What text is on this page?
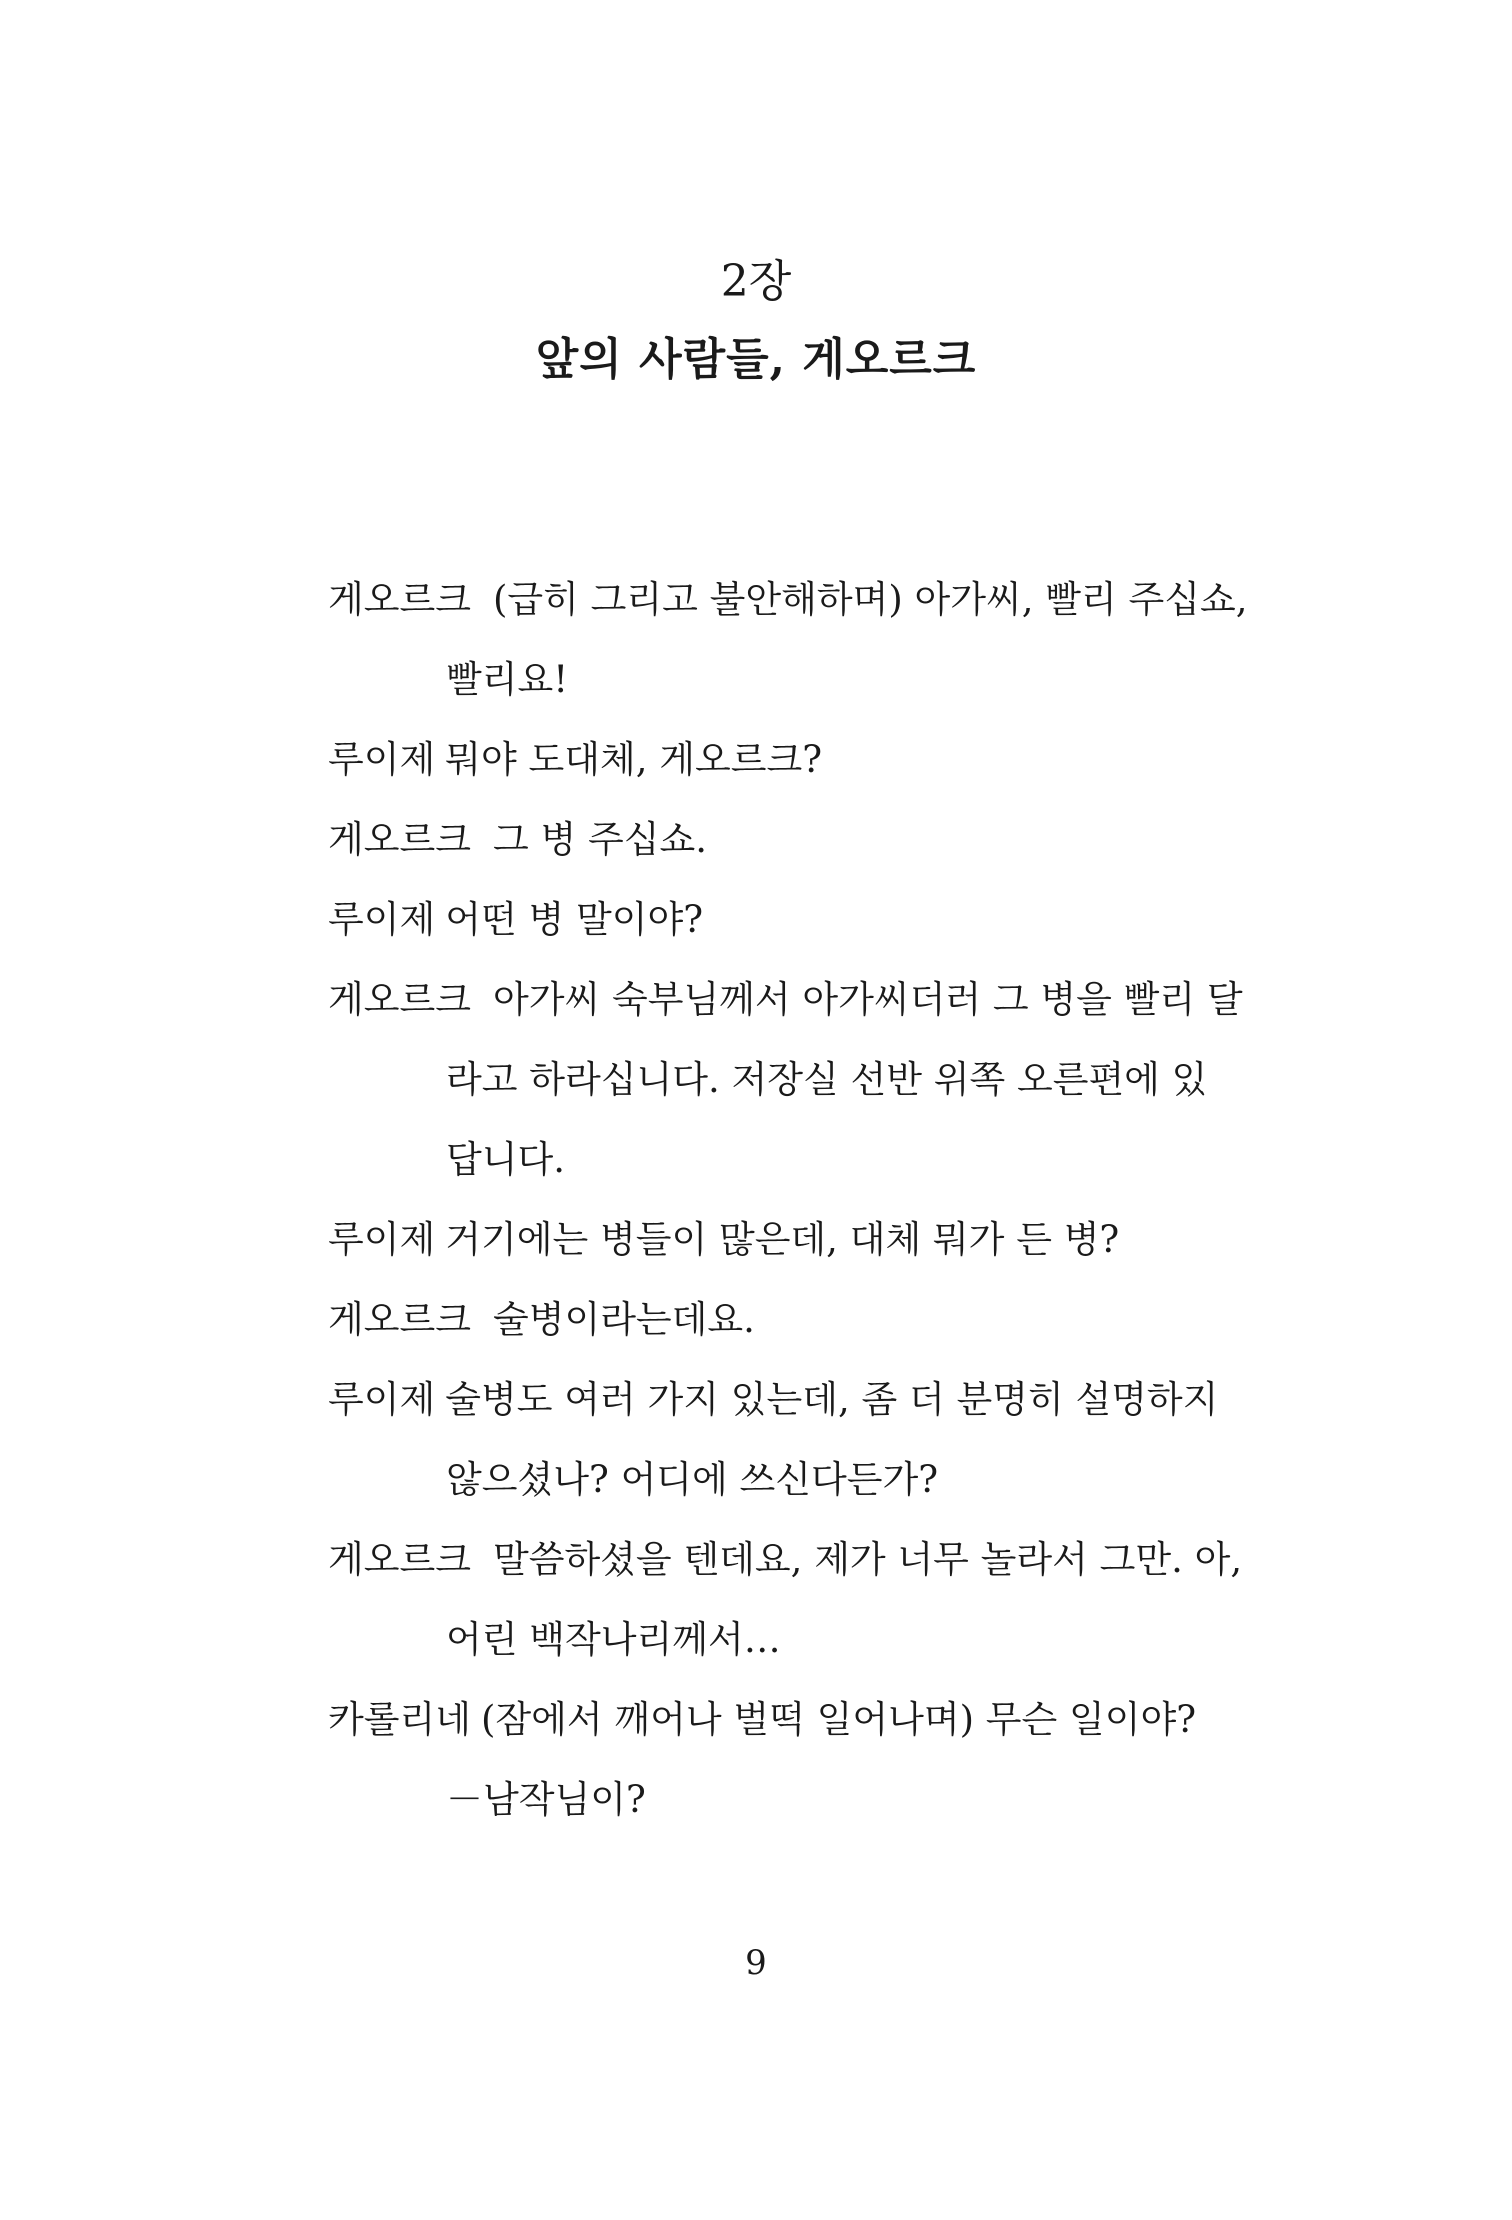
2장
앞의 사람들, 게오르크
게오르크 (급히 그리고 불안해하며) 아가씨, 빨리 주십쇼,
빨리요!
루이제 뭐야 도대체, 게오르크?
게오르크 그 병 주십쇼.
루이제 어떤 병 말이야?
게오르크 아가씨 숙부님께서 아가씨더러 그 병을 빨리 달
라고 하라십니다. 저장실 선반 위쪽 오른편에 있
답니다.
루이제 거기에는 병들이 많은데, 대체 뭐가 든 병?
게오르크 술병이라는데요.
루이제 술병도 여러 가지 있는데, 좀 더 분명히 설명하지
않으셨나? 어디에 쓰신다든가?
게오르크 말씀하셨을 텐데요, 제가 너무 놀라서 그만. 아,
어린 백작나리께서…
카롤리네 (잠에서 깨어나 벌떡 일어나며) 무슨 일이야?
－남작님이?
9
